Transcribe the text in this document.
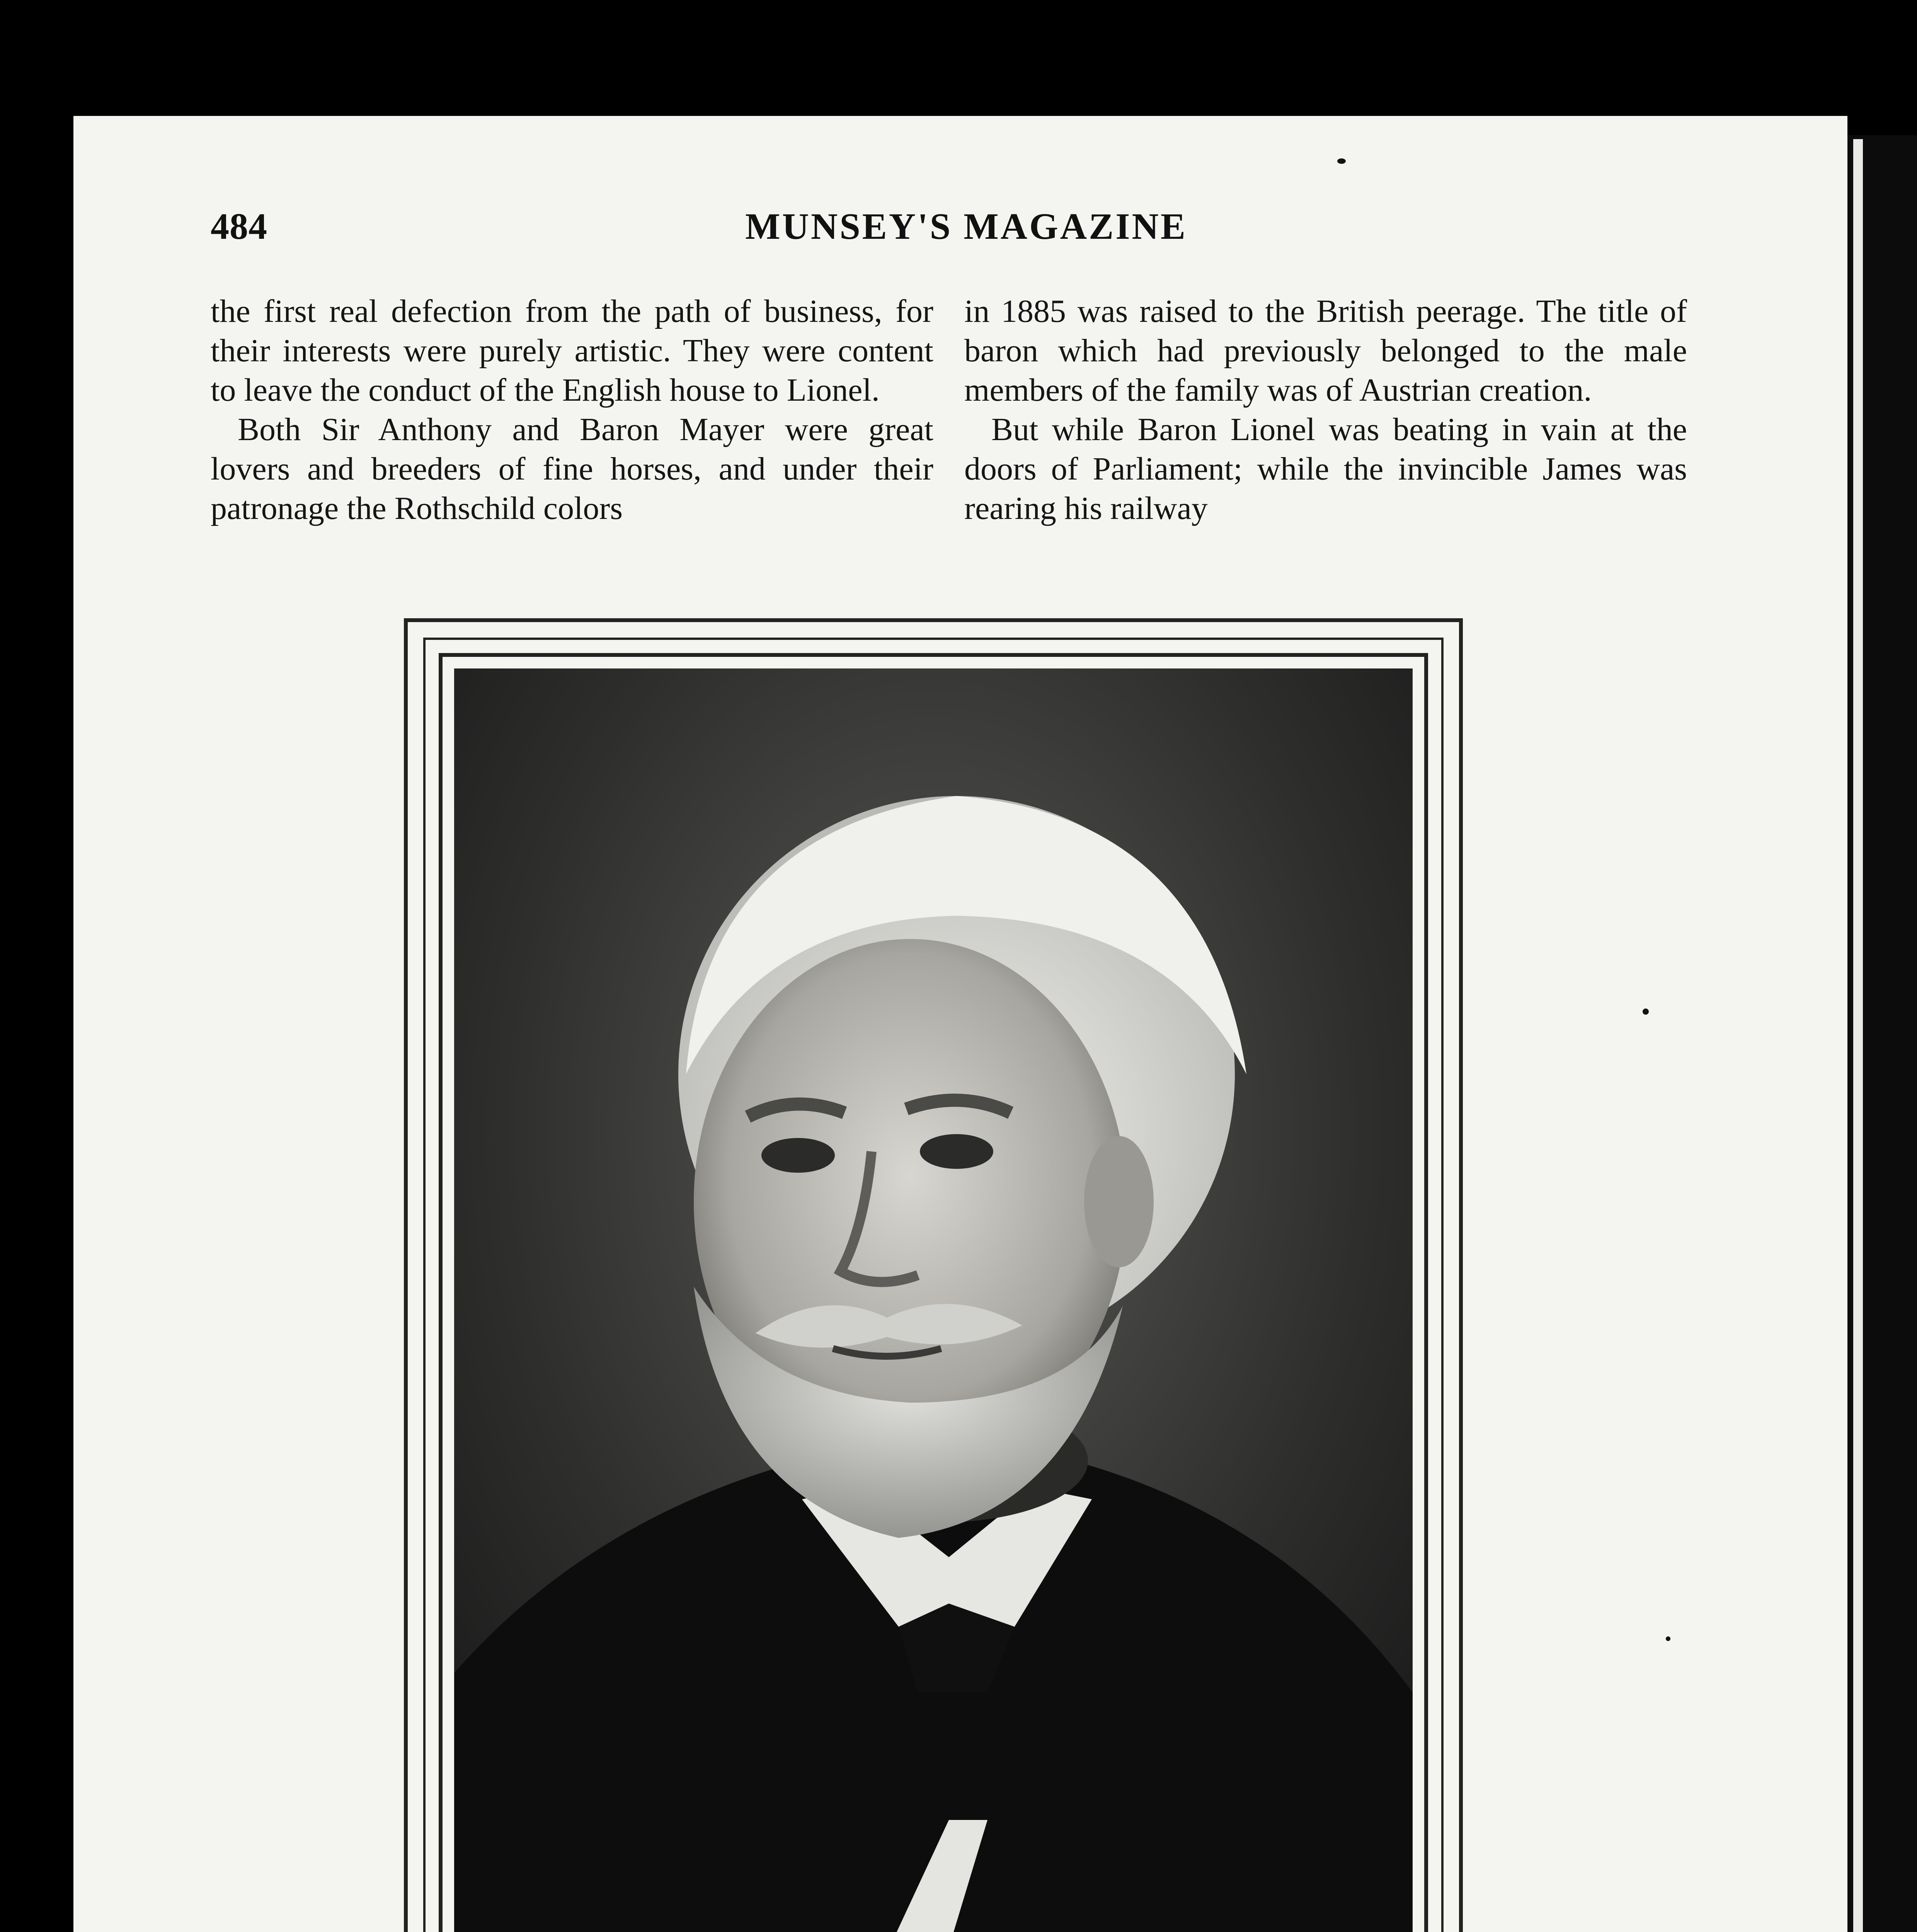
484	MUNSEY'S MAGAZINE

the first real defection from the path of business, for their interests were purely artistic. They were content to leave the conduct of the English house to Lionel.

Both Sir Anthony and Baron Mayer were great lovers and breeders of fine horses, and under their patronage the Rothschild colors

in 1885 was raised to the British peerage. The title of baron which had previously belonged to the male members of the family was of Austrian creation.

But while Baron Lionel was beating in vain at the doors of Parliament; while the invincible James was rearing his railway
